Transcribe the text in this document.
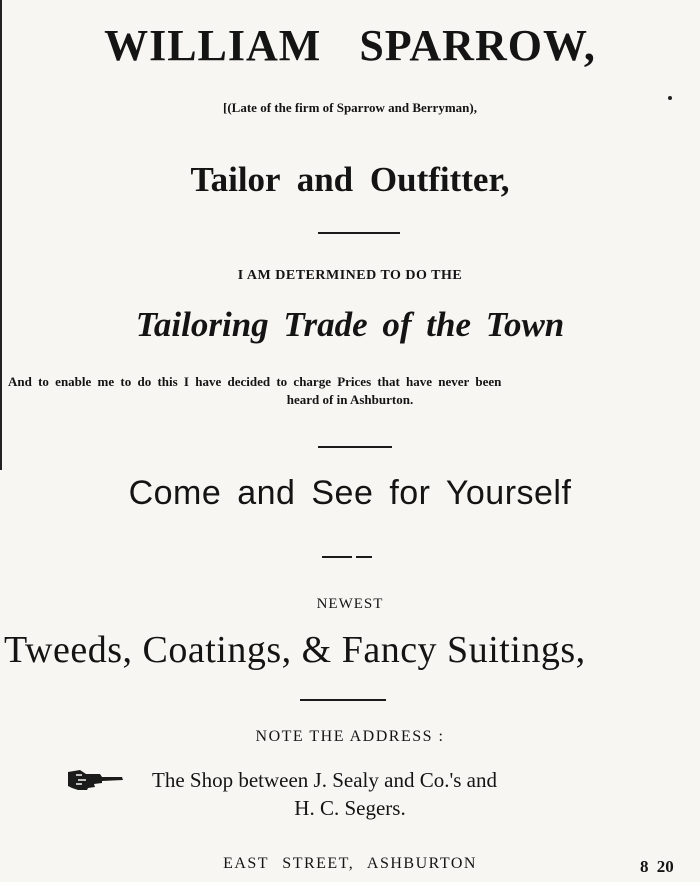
WILLIAM SPARROW,
[(Late of the firm of Sparrow and Berryman),
Tailor and Outfitter,
I AM DETERMINED TO DO THE
Tailoring Trade of the Town
And to enable me to do this I have decided to charge Prices that have never been
heard of in Ashburton.
Come and See for Yourself
NEWEST
Tweeds, Coatings, & Fancy Suitings,
NOTE THE ADDRESS :
The Shop between J. Sealy and Co.'s and
H. C. Segers.
EAST STREET, ASHBURTON	8 20
